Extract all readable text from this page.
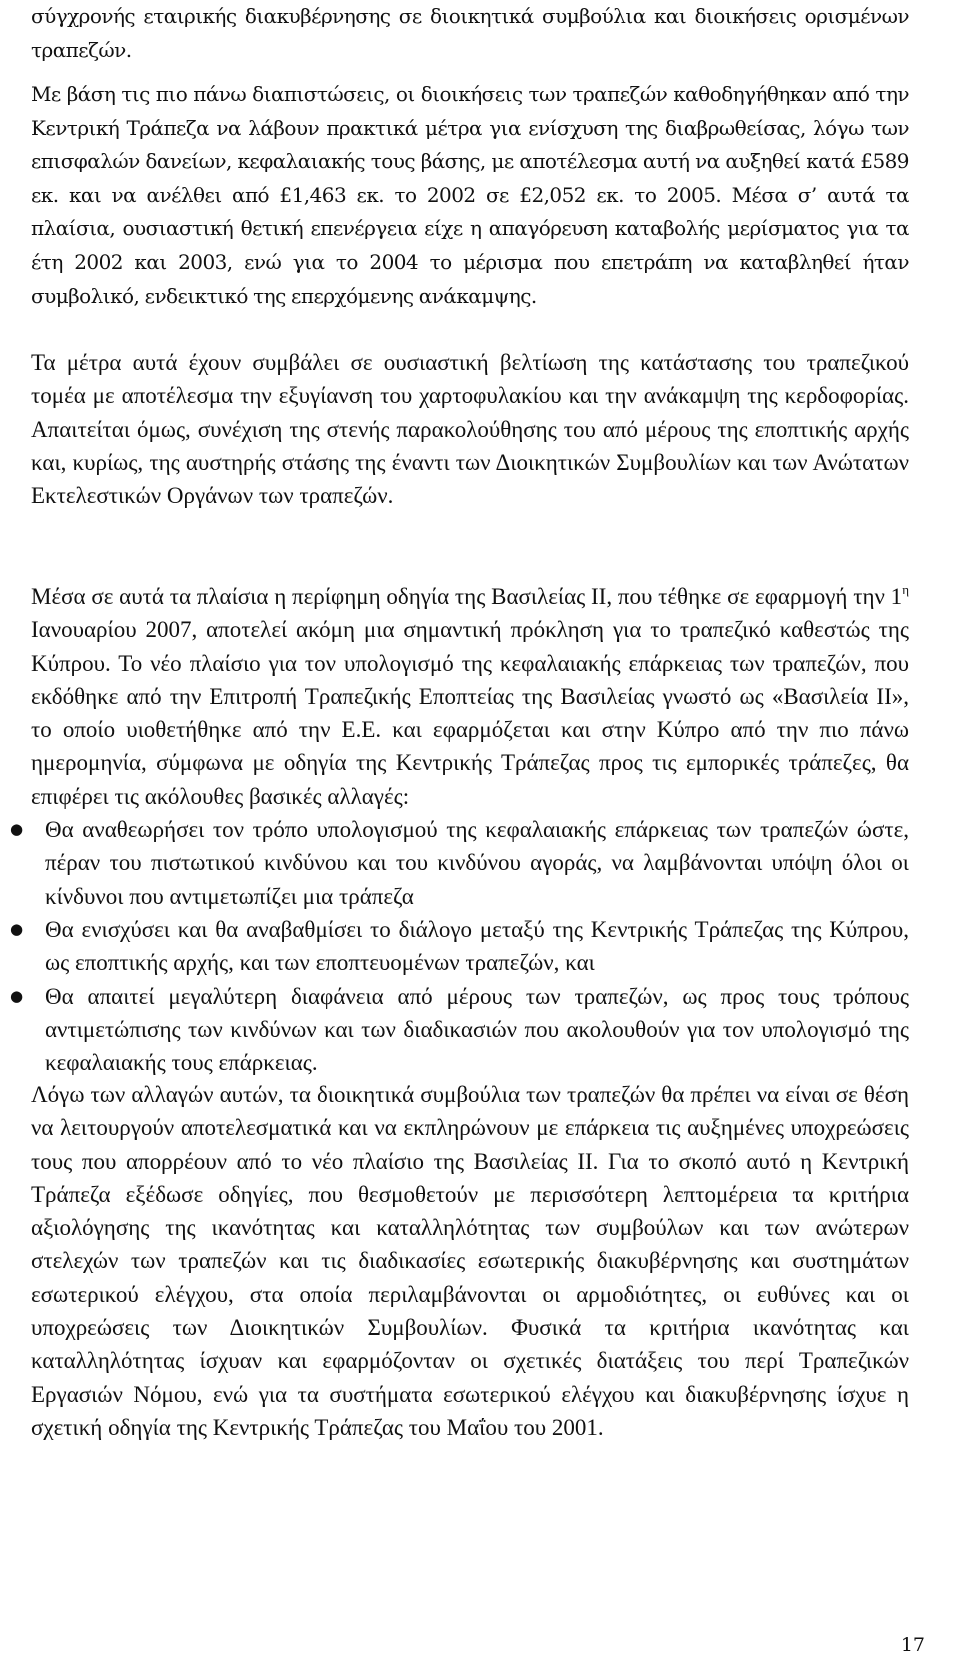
σύγχρονής εταιρικής διακυβέρνησης σε διοικητικά συμβούλια και διοικήσεις ορισμένων τραπεζών.

Με βάση τις πιο πάνω διαπιστώσεις, οι διοικήσεις των τραπεζών καθοδηγήθηκαν από την Κεντρική Τράπεζα να λάβουν πρακτικά μέτρα για ενίσχυση της διαβρωθείσας, λόγω των επισφαλών δανείων, κεφαλαιακής τους βάσης, με αποτέλεσμα αυτή να αυξηθεί κατά £589 εκ. και να ανέλθει από £1,463 εκ. το 2002 σε £2,052 εκ. το 2005. Μέσα σ’ αυτά τα πλαίσια, ουσιαστική θετική επενέργεια είχε η απαγόρευση καταβολής μερίσματος για τα έτη 2002 και 2003, ενώ για το 2004 το μέρισμα που επετράπη να καταβληθεί ήταν συμβολικό, ενδεικτικό της επερχόμενης ανάκαμψης.

Τα μέτρα αυτά έχουν συμβάλει σε ουσιαστική βελτίωση της κατάστασης του τραπεζικού τομέα με αποτέλεσμα την εξυγίανση του χαρτοφυλακίου και την ανάκαμψη της κερδοφορίας. Απαιτείται όμως, συνέχιση της στενής παρακολούθησης του από μέρους της εποπτικής αρχής και, κυρίως, της αυστηρής στάσης της έναντι των Διοικητικών Συμβουλίων και των Ανώτατων Εκτελεστικών Οργάνων των τραπεζών.

Μέσα σε αυτά τα πλαίσια η περίφημη οδηγία της Βασιλείας ΙΙ, που τέθηκε σε εφαρμογή την $1^\eta$ Ιανουαρίου 2007, αποτελεί ακόμη μια σημαντική πρόκληση για το τραπεζικό καθεστώς της Κύπρου. Το νέο πλαίσιο για τον υπολογισμό της κεφαλαιακής επάρκειας των τραπεζών, που εκδόθηκε από την Επιτροπή Τραπεζικής Εποπτείας της Βασιλείας γνωστό ως «Βασιλεία ΙΙ», το οποίο υιοθετήθηκε από την Ε.Ε. και εφαρμόζεται και στην Κύπρο από την πιο πάνω ημερομηνία, σύμφωνα με οδηγία της Κεντρικής Τράπεζας προς τις εμπορικές τράπεζες, θα επιφέρει τις ακόλουθες βασικές αλλαγές:

● Θα αναθεωρήσει τον τρόπο υπολογισμού της κεφαλαιακής επάρκειας των τραπεζών ώστε, πέραν του πιστωτικού κινδύνου και του κινδύνου αγοράς, να λαμβάνονται υπόψη όλοι οι κίνδυνοι που αντιμετωπίζει μια τράπεζα
● Θα ενισχύσει και θα αναβαθμίσει το διάλογο μεταξύ της Κεντρικής Τράπεζας της Κύπρου, ως εποπτικής αρχής, και των εποπτευομένων τραπεζών, και
● Θα απαιτεί μεγαλύτερη διαφάνεια από μέρους των τραπεζών, ως προς τους τρόπους αντιμετώπισης των κινδύνων και των διαδικασιών που ακολουθούν για τον υπολογισμό της κεφαλαιακής τους επάρκειας.

Λόγω των αλλαγών αυτών, τα διοικητικά συμβούλια των τραπεζών θα πρέπει να είναι σε θέση να λειτουργούν αποτελεσματικά και να εκπληρώνουν με επάρκεια τις αυξημένες υποχρεώσεις τους που απορρέουν από το νέο πλαίσιο της Βασιλείας ΙΙ. Για το σκοπό αυτό η Κεντρική Τράπεζα εξέδωσε οδηγίες, που θεσμοθετούν με περισσότερη λεπτομέρεια τα κριτήρια αξιολόγησης της ικανότητας και καταλληλότητας των συμβούλων και των ανώτερων στελεχών των τραπεζών και τις διαδικασίες εσωτερικής διακυβέρνησης και συστημάτων εσωτερικού ελέγχου, στα οποία περιλαμβάνονται οι αρμοδιότητες, οι ευθύνες και οι υποχρεώσεις των Διοικητικών Συμβουλίων. Φυσικά τα κριτήρια ικανότητας και καταλληλότητας ίσχυαν και εφαρμόζονταν οι σχετικές διατάξεις του περί Τραπεζικών Εργασιών Νόμου, ενώ για τα συστήματα εσωτερικού ελέγχου και διακυβέρνησης ίσχυε η σχετική οδηγία της Κεντρικής Τράπεζας του Μαΐου του 2001.

17
